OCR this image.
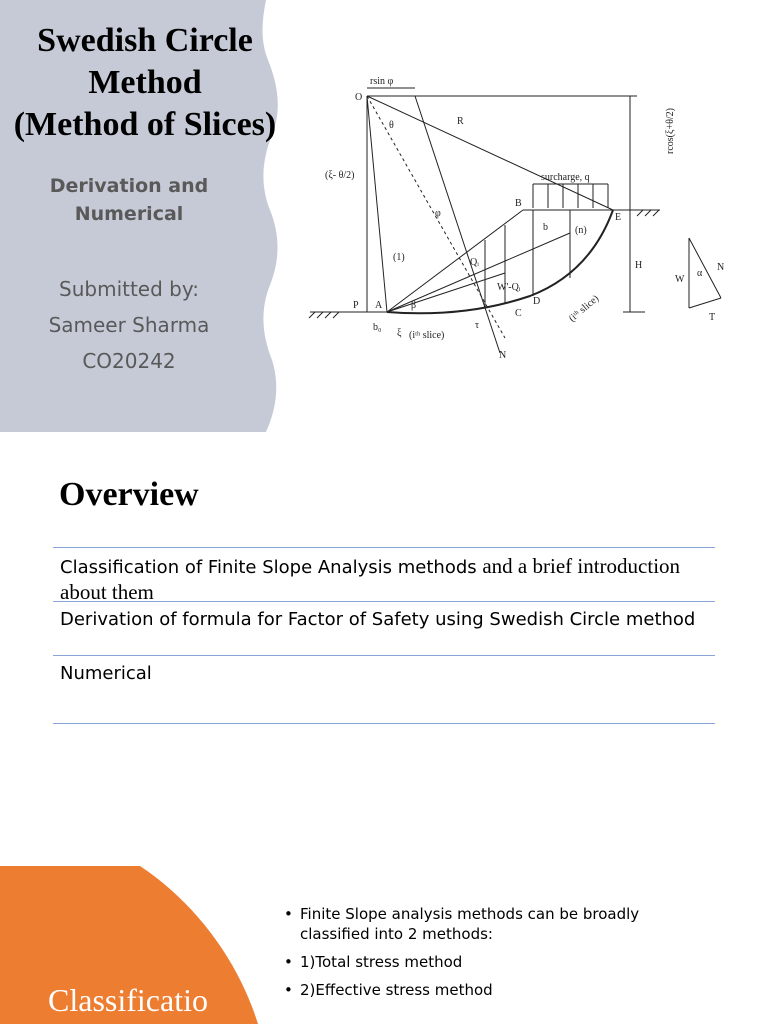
Swedish Circle
Method
(Method of Slices)
Derivation and
Numerical
Submitted by:
Sameer Sharma
CO20242
O
rsin φ
R
θ
φ
(ξ- θ/2)	surcharge, q
B
E
b	(n)
H
rcos(ξ+θ/2)
(1)	Qᵢ
W'-Qᵢ
D
C	(iᵗʰ slice)
P A	β
b₀
ξ (iᵗʰ slice)
τ
N
W
α
N
T
Overview
Classification of Finite Slope Analysis methods and a brief introduction about them
Derivation of formula for Factor of Safety using Swedish Circle method
Numerical
Classificatio
• Finite Slope analysis methods can be broadly classified into 2 methods:
• 1)Total stress method
• 2)Effective stress method
